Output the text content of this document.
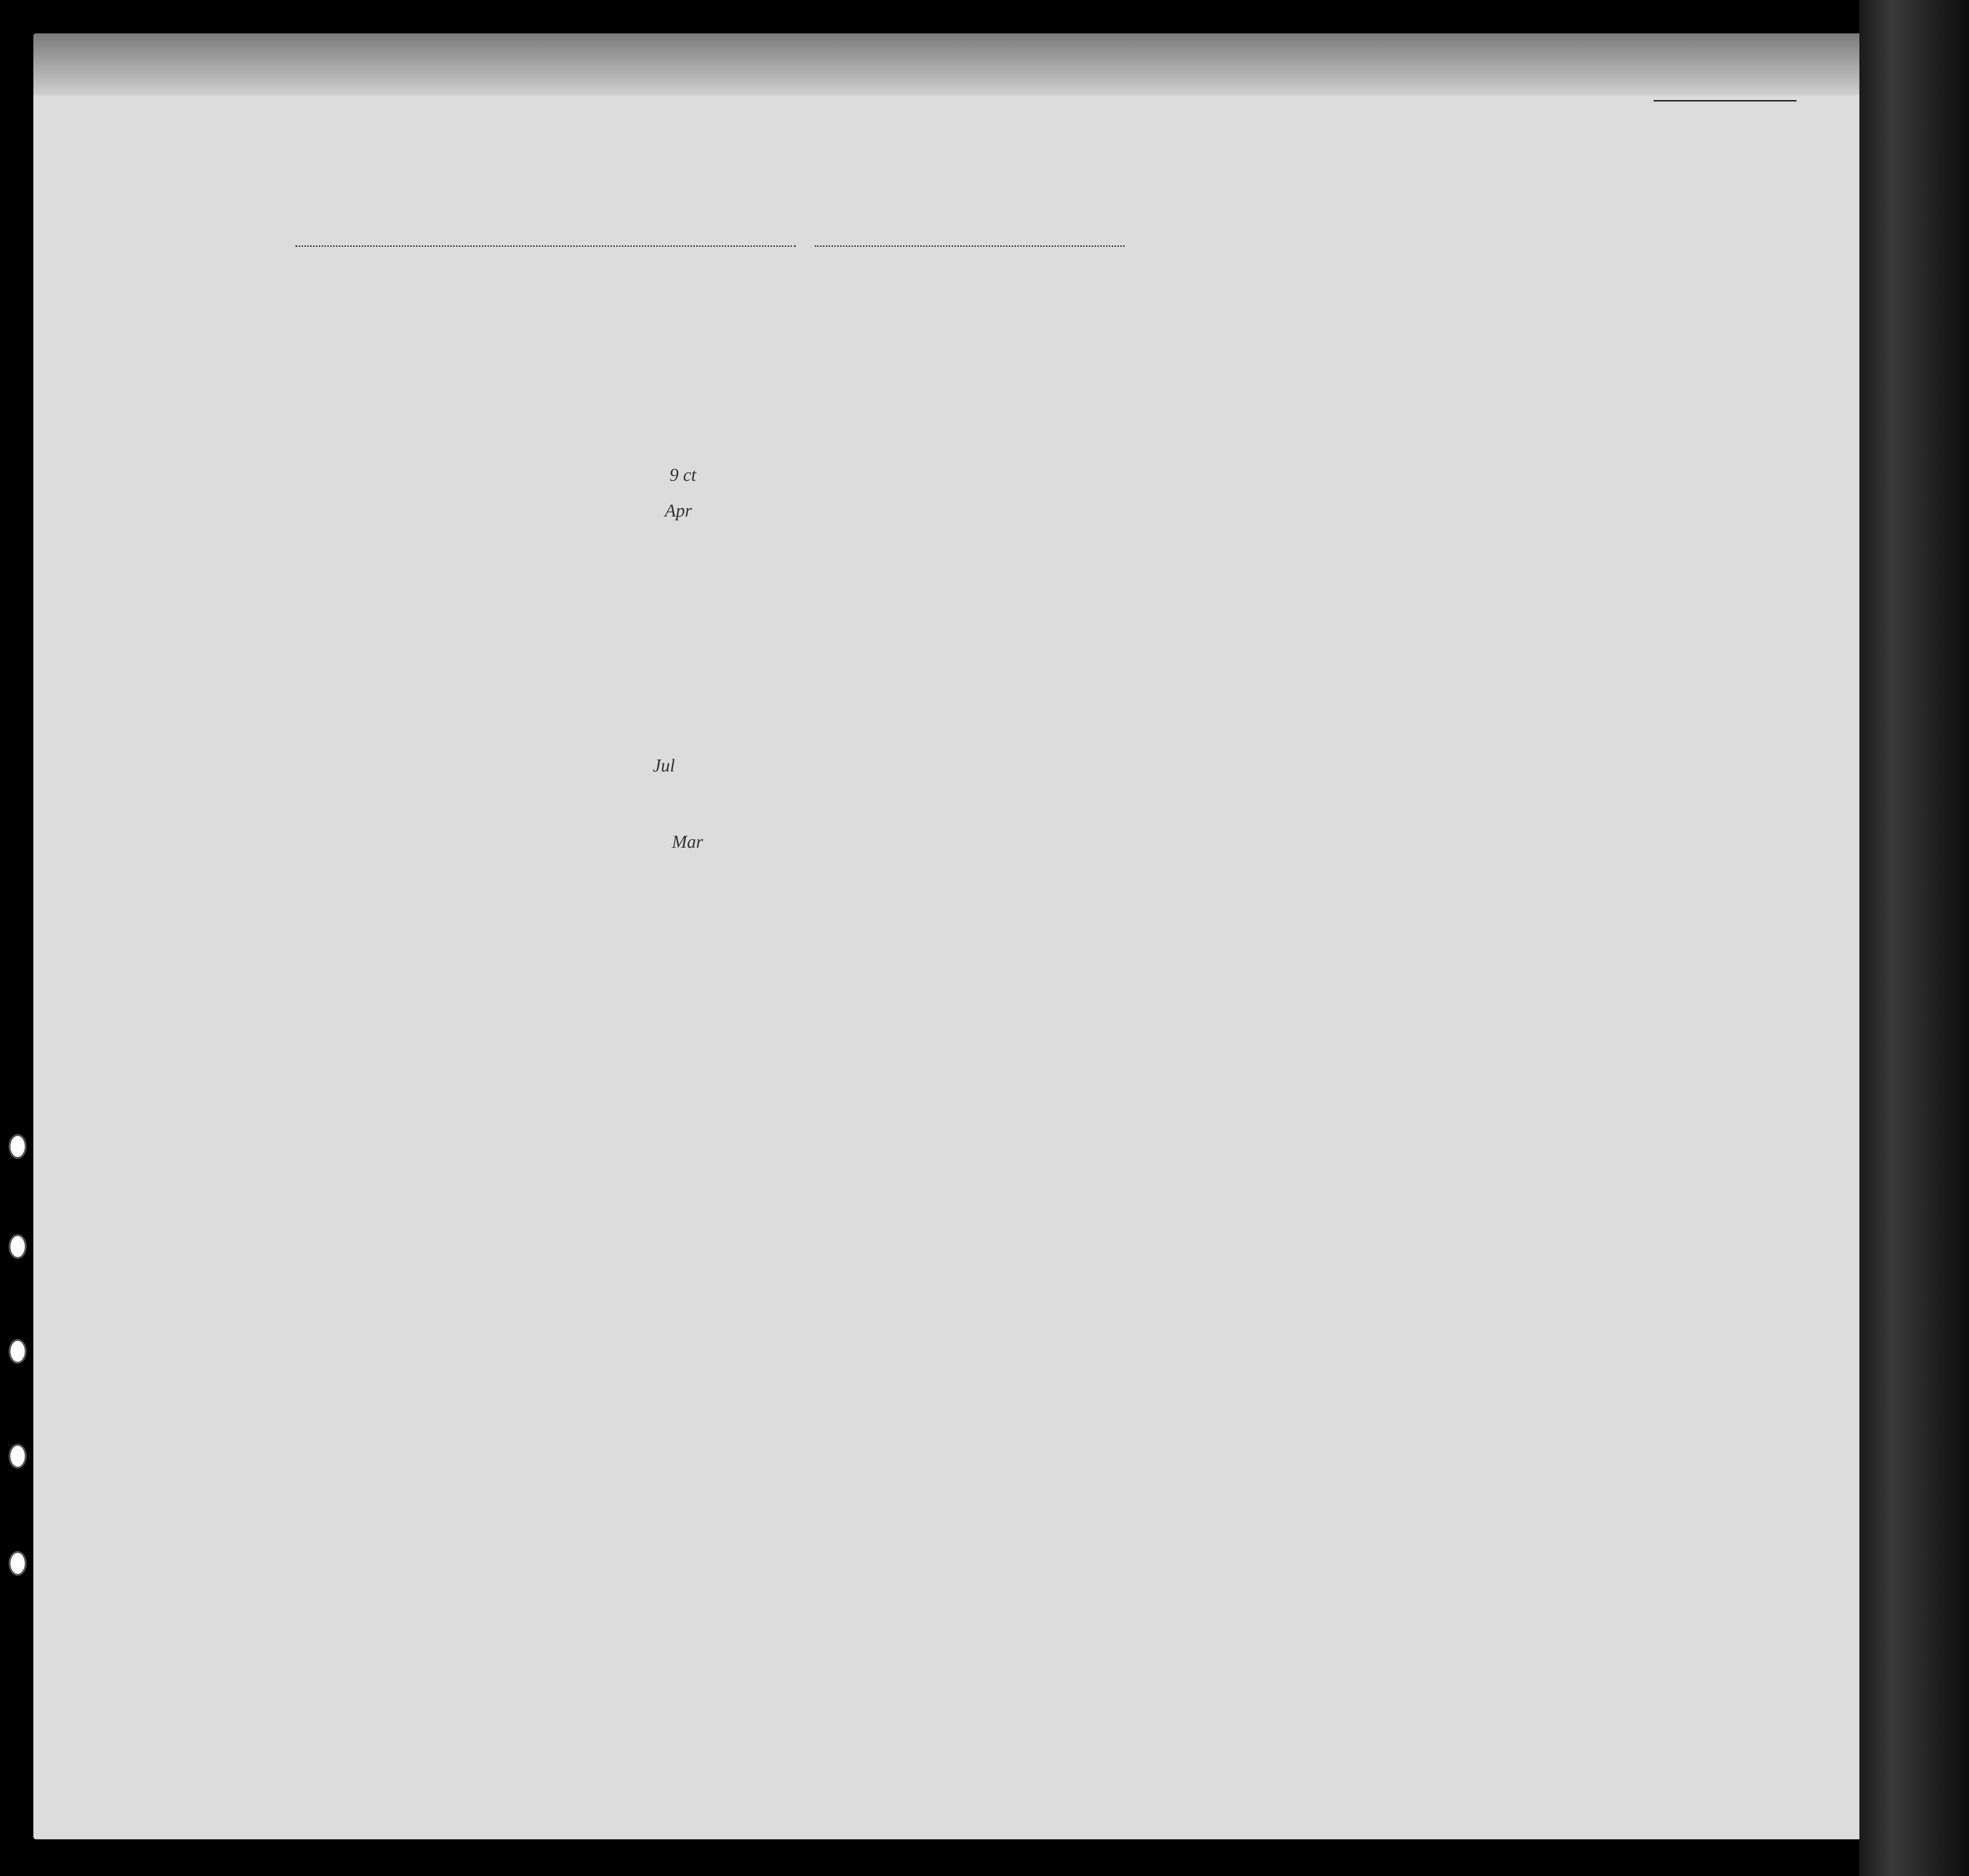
9 ct
Apr
Jul
Mar
